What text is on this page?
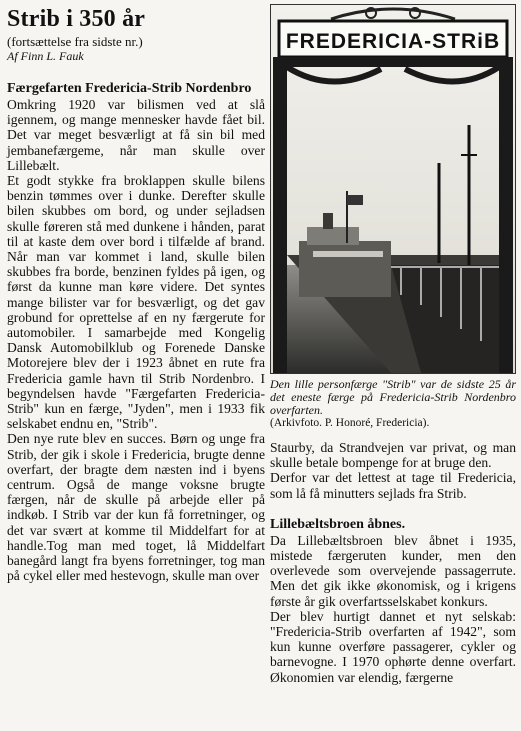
Strib i 350 år
(fortsættelse fra sidste nr.)
Af Finn L. Fauk
Færgefarten Fredericia-Strib Nordenbro

Omkring 1920 var bilismen ved at slå igennem, og mange mennesker havde fået bil. Det var meget besværligt at få sin bil med jembanefærgeme, når man skulle over Lillebælt.

Et godt stykke fra broklappen skulle bilens benzin tømmes over i dunke. Derefter skulle bilen skubbes om bord, og under sejladsen skulle føreren stå med dunkene i hånden, parat til at kaste dem over bord i tilfælde af brand. Når man var kommet i land, skulle bilen skubbes fra borde, benzinen fyldes på igen, og først da kunne man køre videre. Det syntes mange bilister var for besværligt, og det gav grobund for oprettelse af en ny færgerute for automobiler. I samarbejde med Kongelig Dansk Automobilklub og Forenede Danske Motorejere blev der i 1923 åbnet en rute fra Fredericia gamle havn til Strib Nordenbro. I begyndelsen havde "Færgefarten Fredericia-Strib" kun en færge, "Jyden", men i 1933 fik selskabet endnu en, "Strib".

Den nye rute blev en succes. Børn og unge fra Strib, der gik i skole i Fredericia, brugte denne overfart, der bragte dem næsten ind i byens centrum. Også de mange voksne brugte færgen, når de skulle på arbejde eller på indkøb. I Strib var der kun få forretninger, og det var svært at komme til Middelfart for at handle.Tog man med toget, lå Middelfart banegård langt fra byens forretninger, tog man på cykel eller med hestevogn, skulle man over

FREDERICIA-STRiB
Den lille personfærge "Strib" var de sidste 25 år det eneste færge på Fredericia-Strib Nordenbro overfarten.
(Arkivfoto. P. Honoré, Fredericia).

Staurby, da Strandvejen var privat, og man skulle betale bompenge for at bruge den.

Derfor var det lettest at tage til Fredericia, som lå få minutters sejlads fra Strib.

Lillebæltsbroen åbnes.

Da Lillebæltsbroen blev åbnet i 1935, mistede færgeruten kunder, men den overlevede som overvejende passagerrute. Men det gik ikke økonomisk, og i krigens første år gik overfartsselskabet konkurs.

Der blev hurtigt dannet et nyt selskab: "Fredericia-Strib overfarten af 1942", som kun kunne overføre passagerer, cykler og barnevogne. I 1970 ophørte denne overfart. Økonomien var elendig, færgerne
